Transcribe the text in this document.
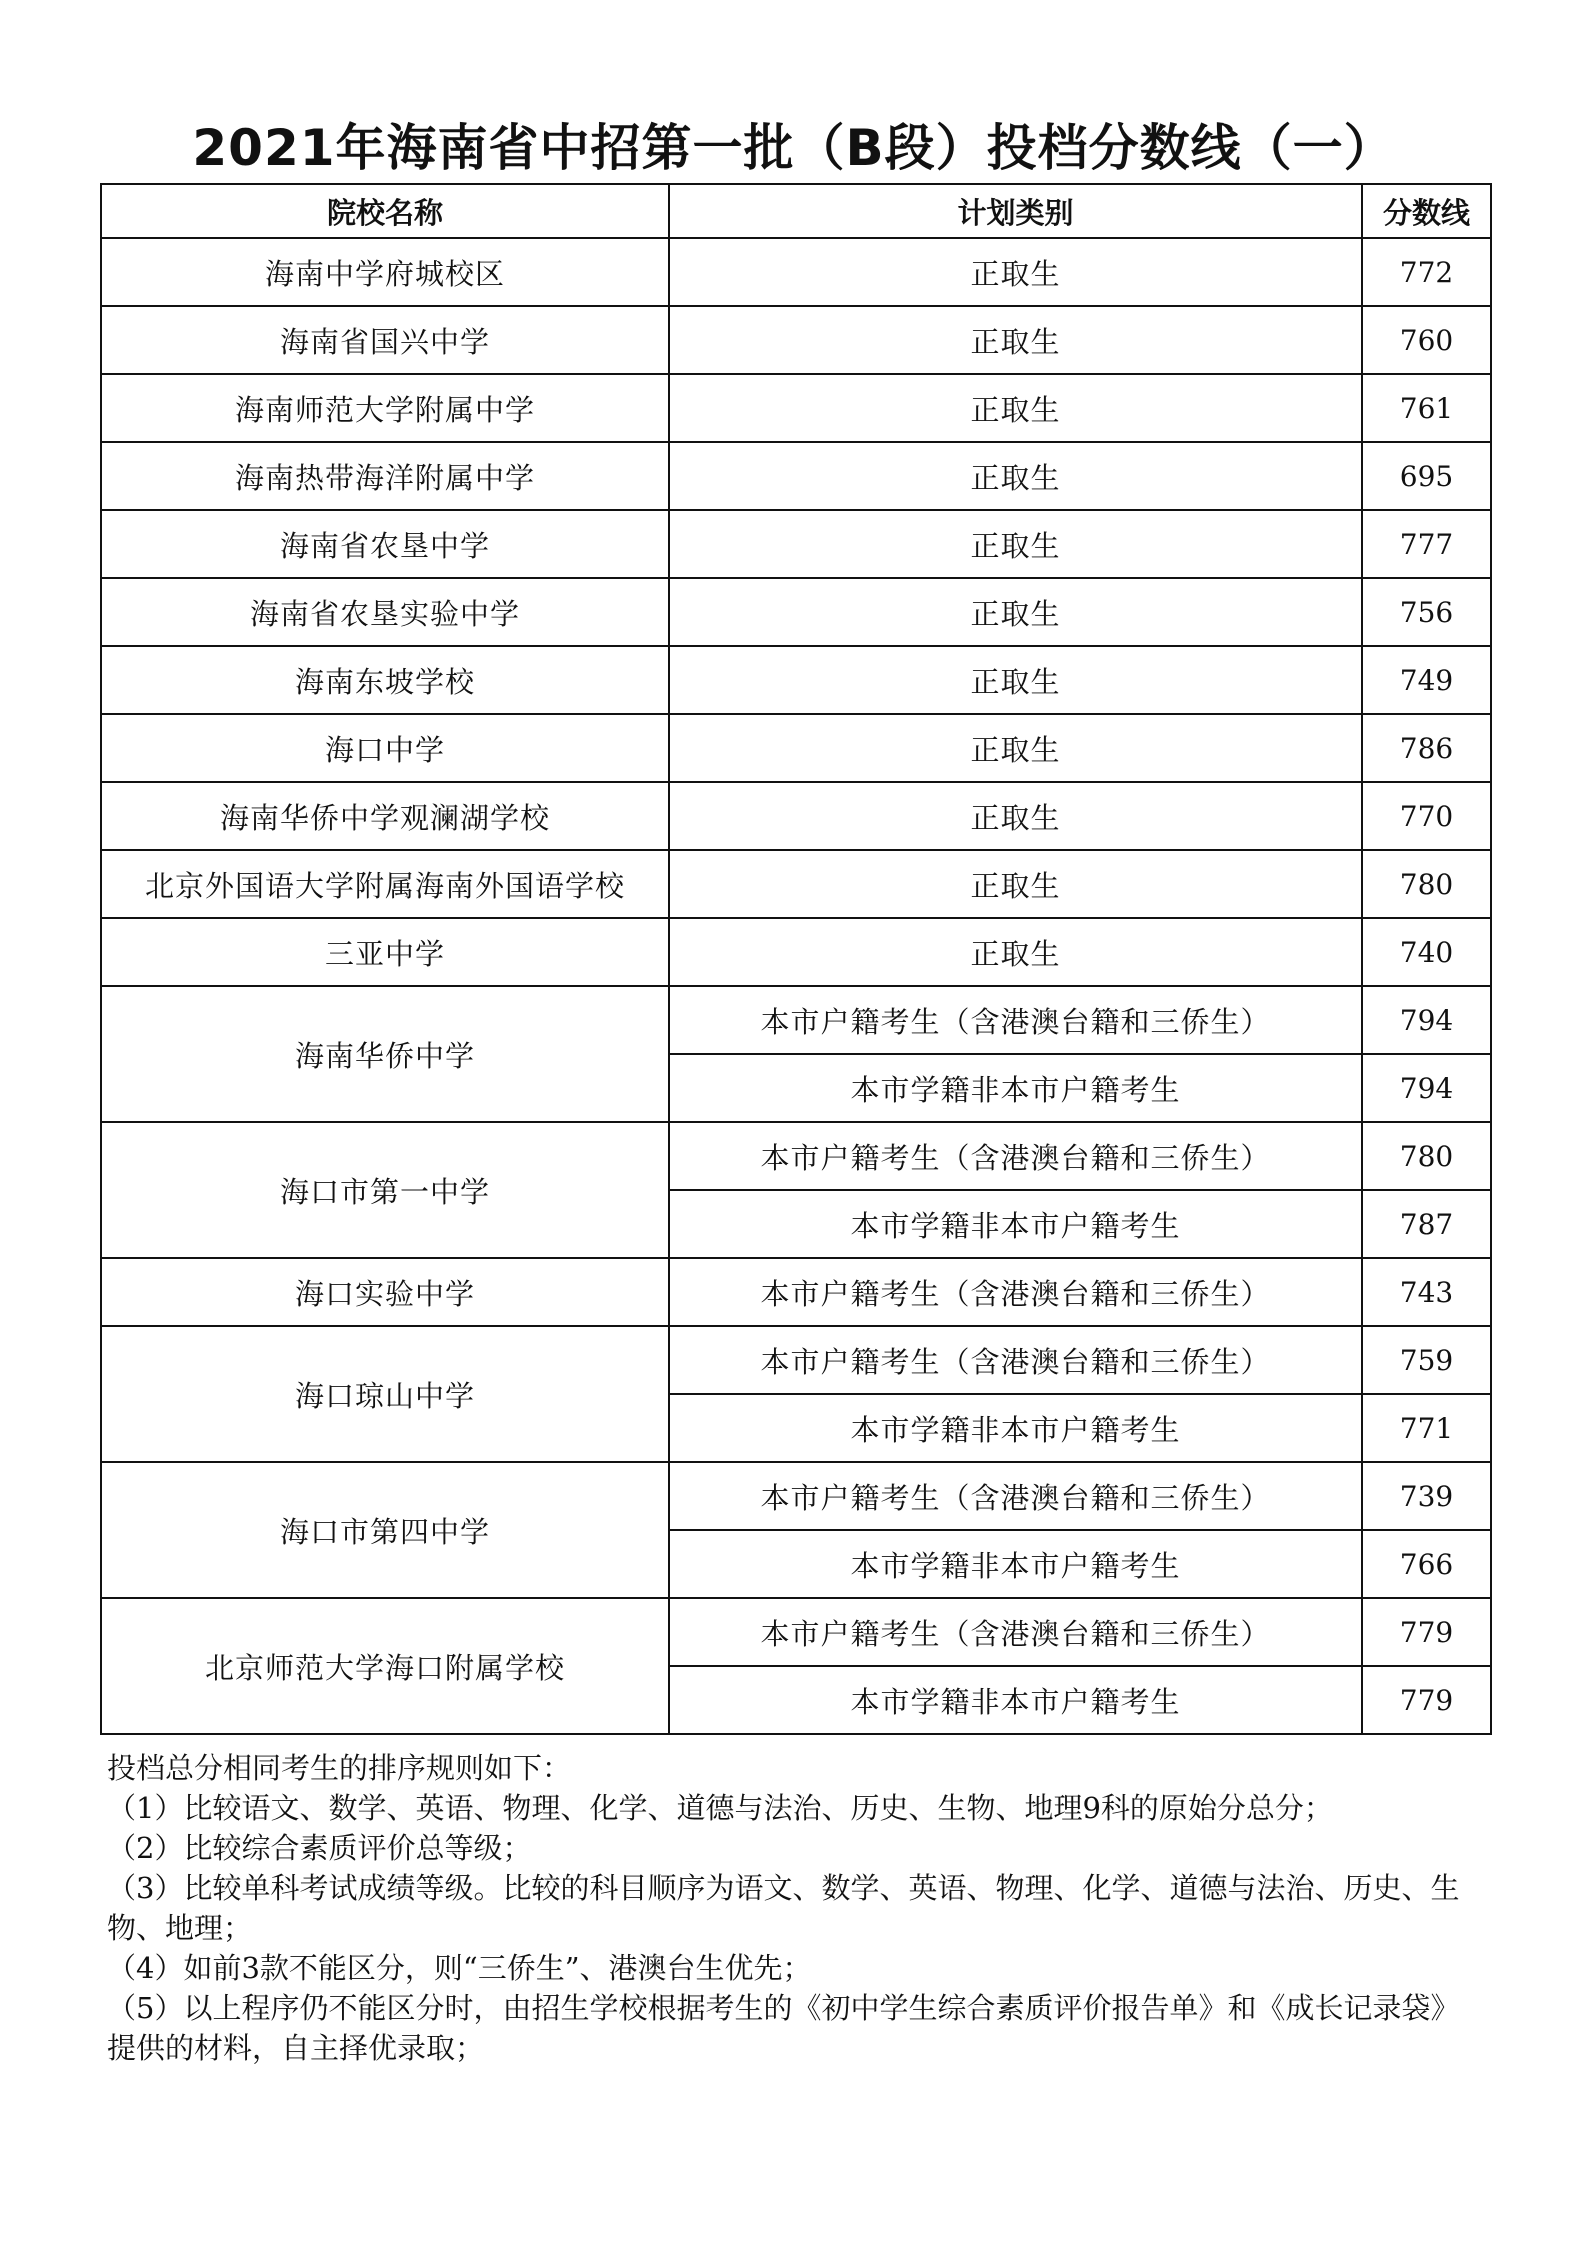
2021年海南省中招第一批（B段）投档分数线（一）
院校名称	计划类别	分数线
海南中学府城校区	正取生	772
海南省国兴中学	正取生	760
海南师范大学附属中学	正取生	761
海南热带海洋附属中学	正取生	695
海南省农垦中学	正取生	777
海南省农垦实验中学	正取生	756
海南东坡学校	正取生	749
海口中学	正取生	786
海南华侨中学观澜湖学校	正取生	770
北京外国语大学附属海南外国语学校	正取生	780
三亚中学	正取生	740
海南华侨中学	本市户籍考生（含港澳台籍和三侨生）	794
	本市学籍非本市户籍考生	794
海口市第一中学	本市户籍考生（含港澳台籍和三侨生）	780
	本市学籍非本市户籍考生	787
海口实验中学	本市户籍考生（含港澳台籍和三侨生）	743
海口琼山中学	本市户籍考生（含港澳台籍和三侨生）	759
	本市学籍非本市户籍考生	771
海口市第四中学	本市户籍考生（含港澳台籍和三侨生）	739
	本市学籍非本市户籍考生	766
北京师范大学海口附属学校	本市户籍考生（含港澳台籍和三侨生）	779
	本市学籍非本市户籍考生	779
投档总分相同考生的排序规则如下：
（1）比较语文、数学、英语、物理、化学、道德与法治、历史、生物、地理9科的原始分总分；
（2）比较综合素质评价总等级；
（3）比较单科考试成绩等级。比较的科目顺序为语文、数学、英语、物理、化学、道德与法治、历史、生物、地理；
（4）如前3款不能区分，则“三侨生”、港澳台生优先；
（5）以上程序仍不能区分时，由招生学校根据考生的《初中学生综合素质评价报告单》和《成长记录袋》提供的材料，自主择优录取；
